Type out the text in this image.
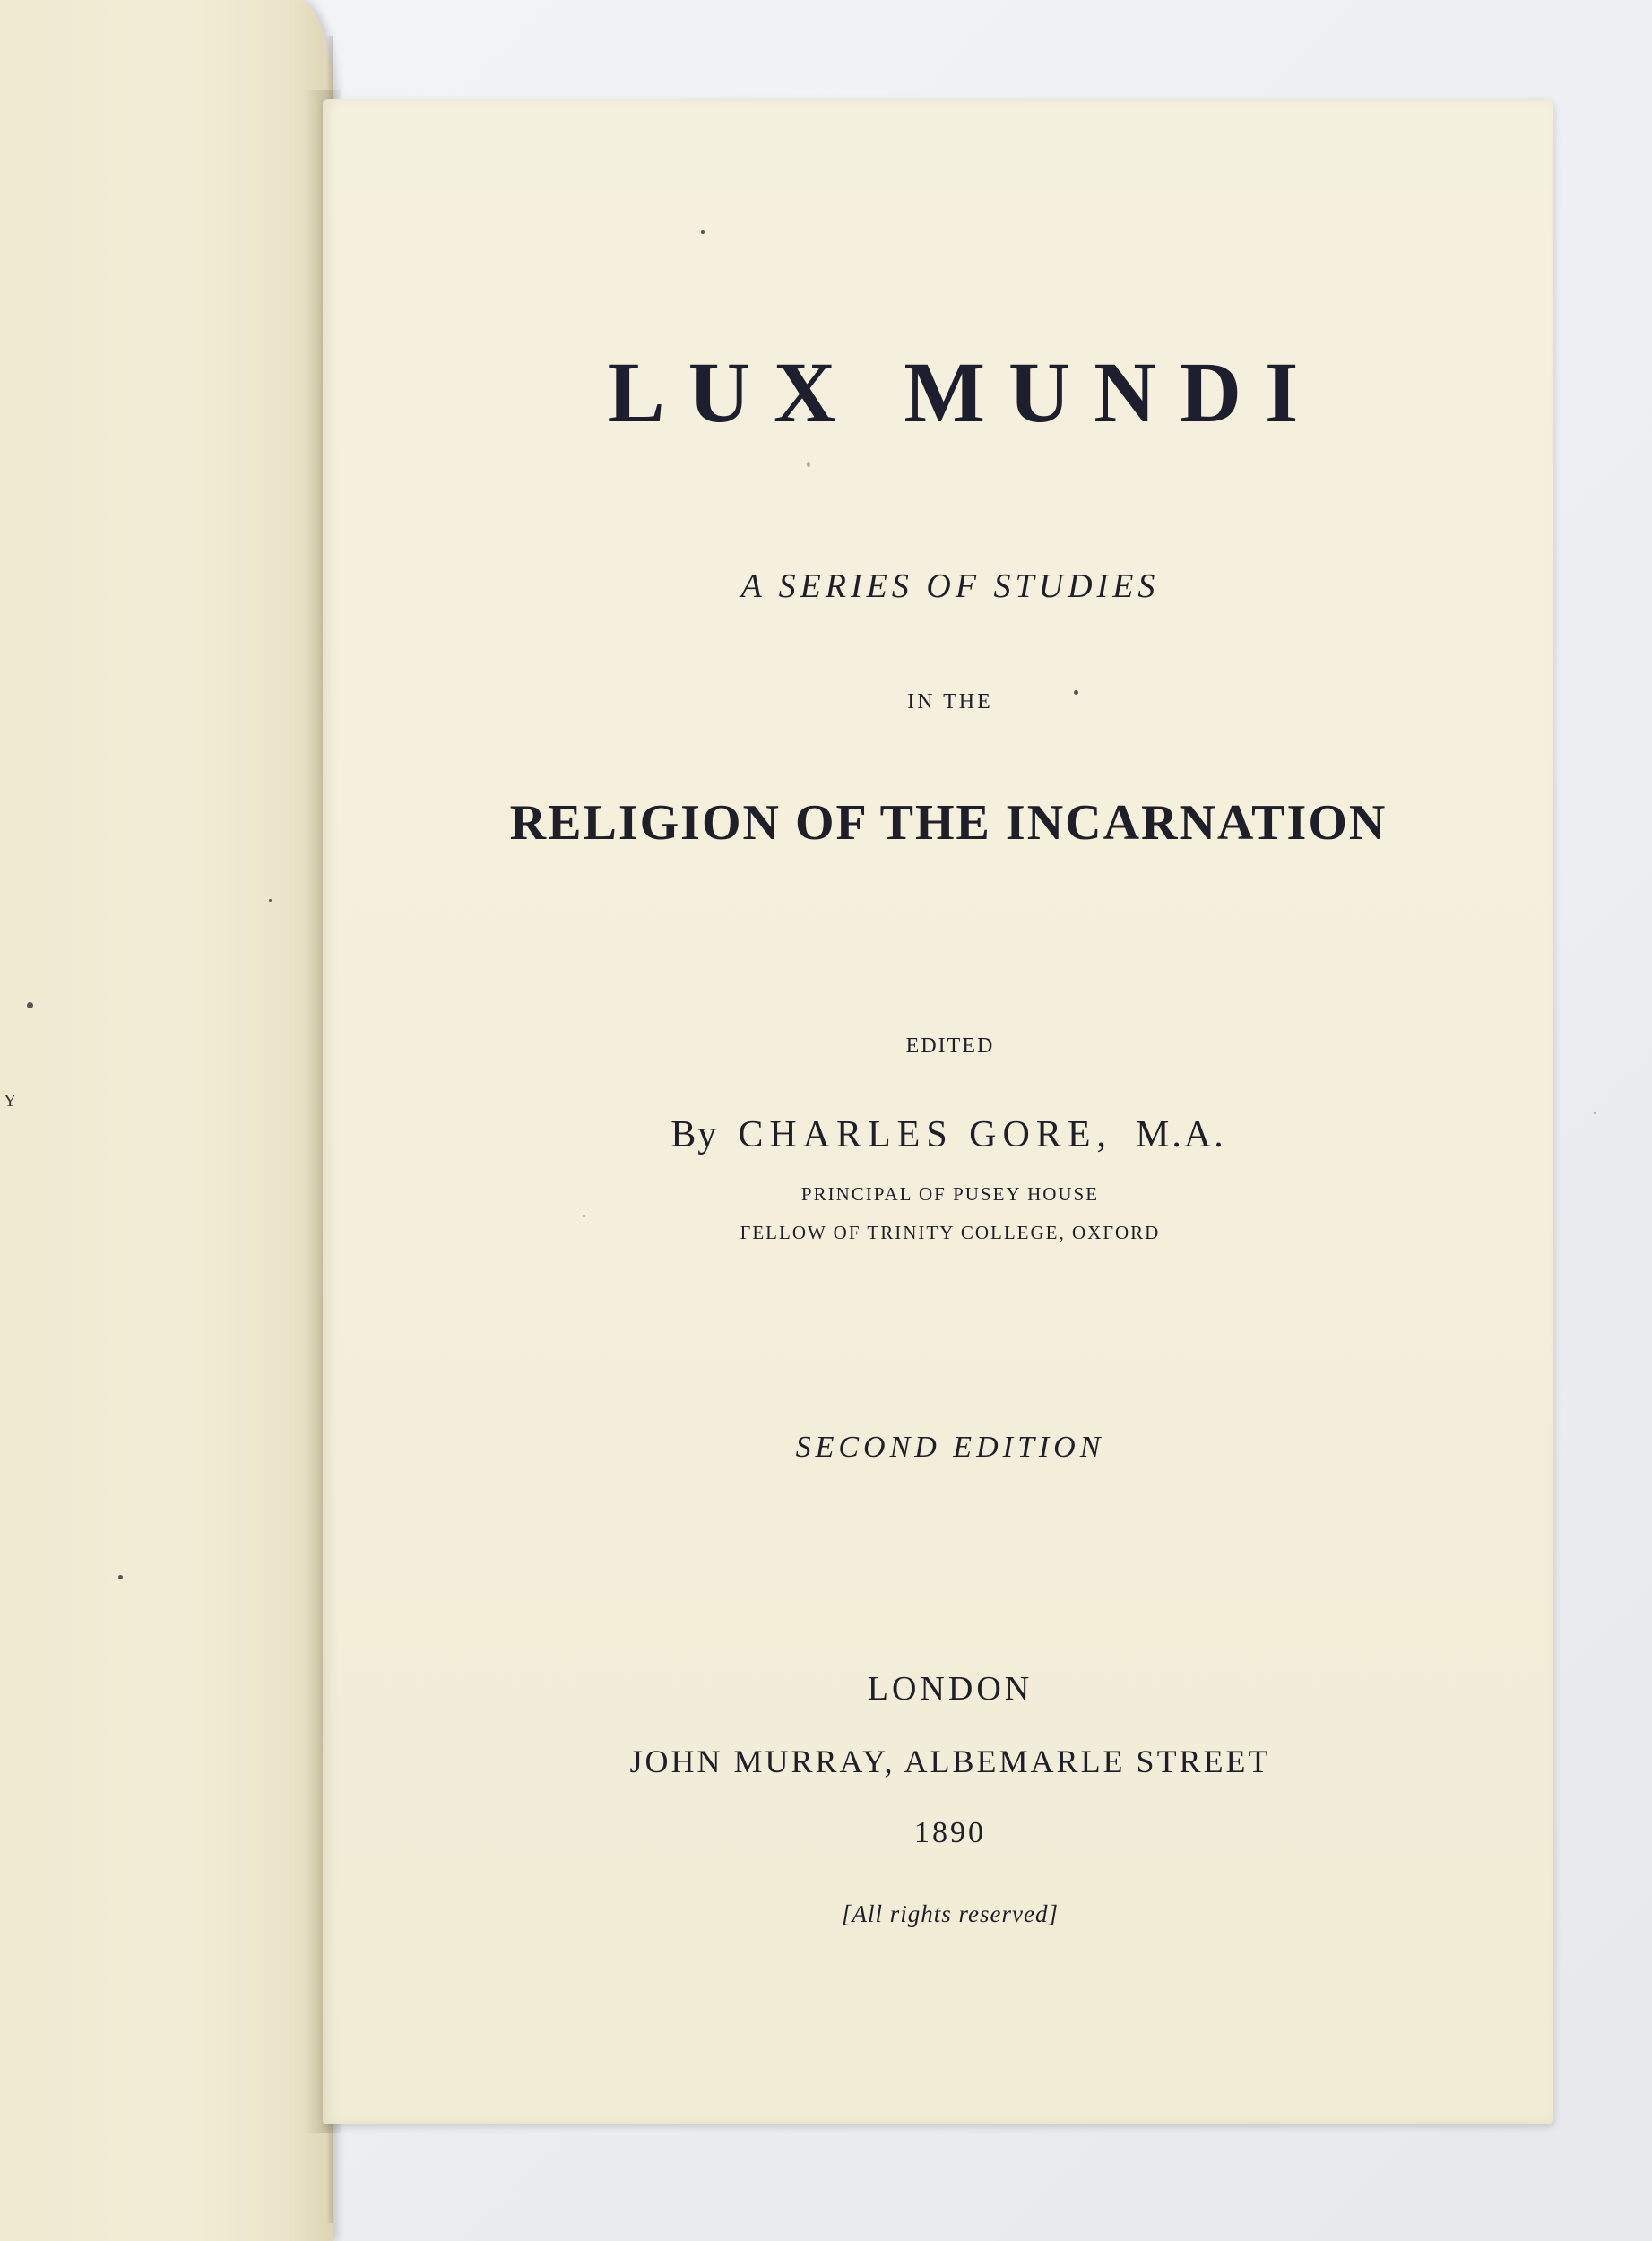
Y
LUX MUNDI
A SERIES OF STUDIES
IN THE
RELIGION OF THE INCARNATION
EDITED
By CHARLES GORE, M.A.
PRINCIPAL OF PUSEY HOUSE
FELLOW OF TRINITY COLLEGE, OXFORD
SECOND EDITION
LONDON
JOHN MURRAY, ALBEMARLE STREET
1890
[All rights reserved]
